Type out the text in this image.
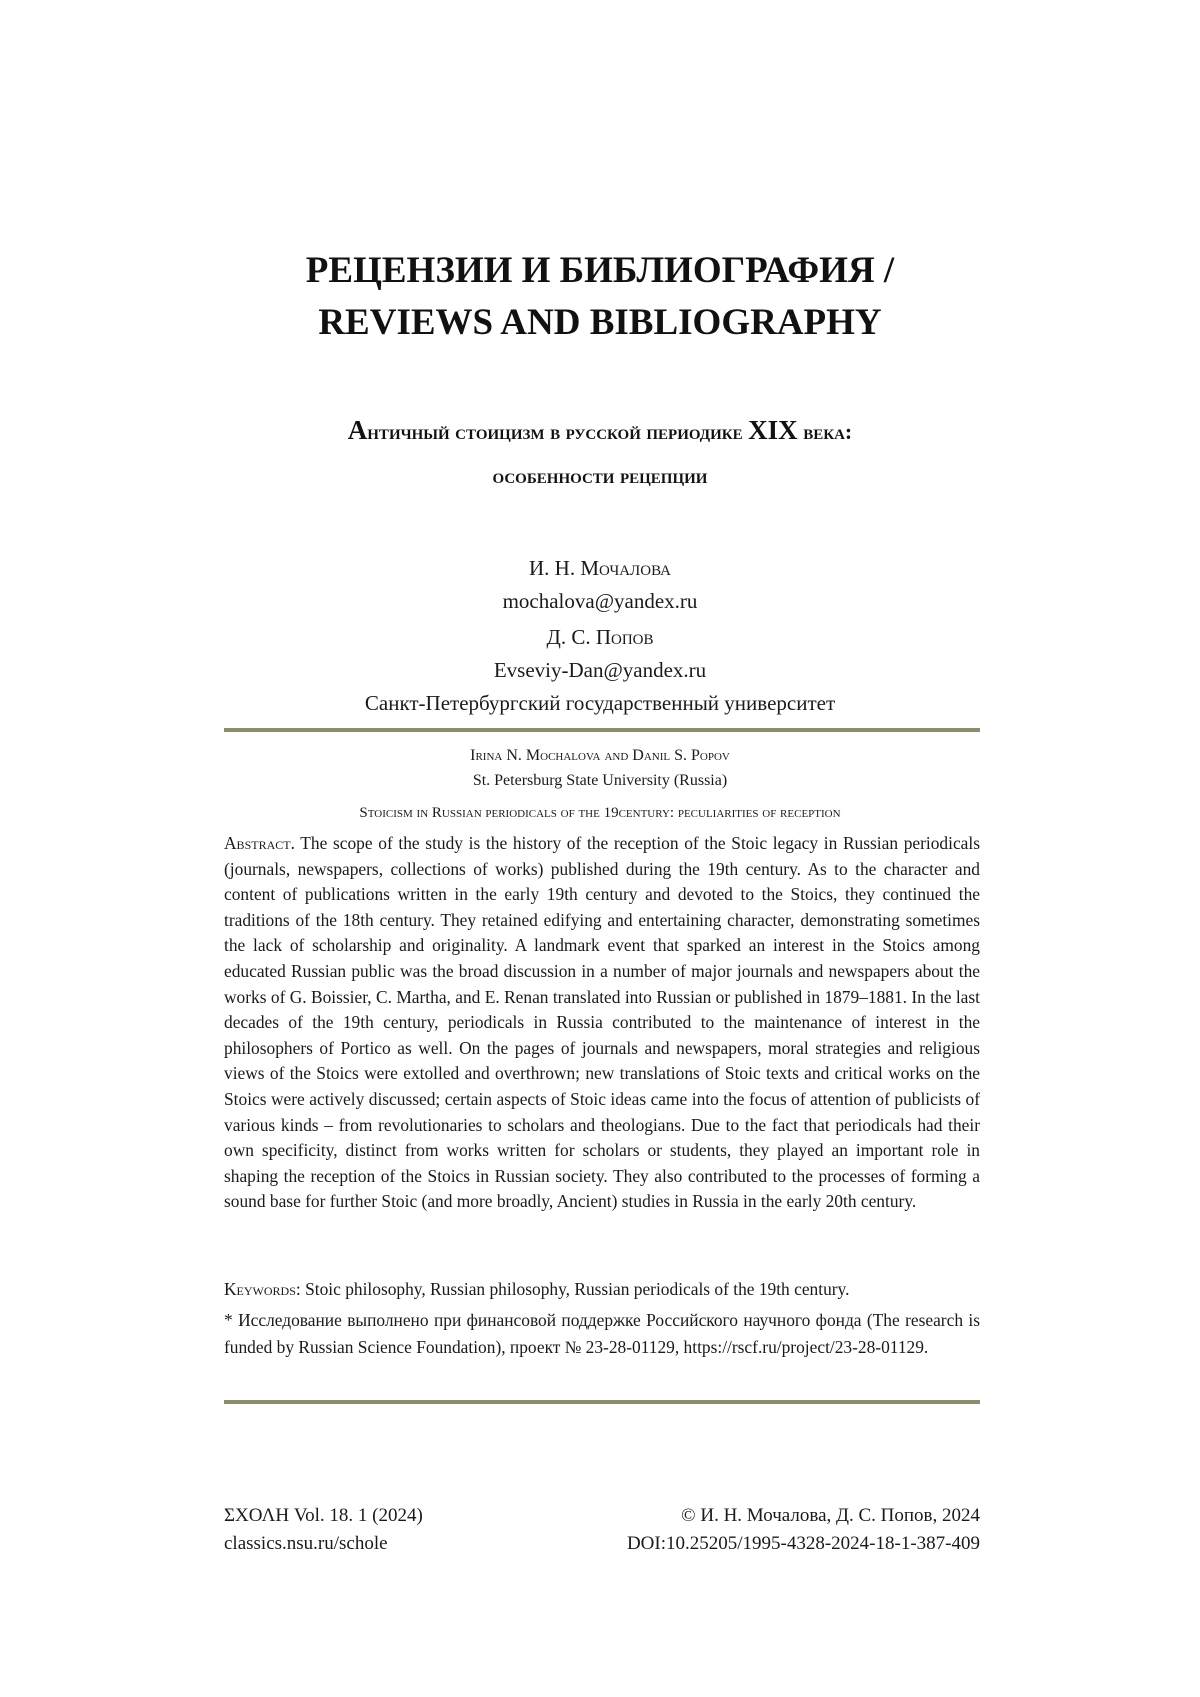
РЕЦЕНЗИИ И БИБЛИОГРАФИЯ /
REVIEWS AND BIBLIOGRAPHY
Античный стоицизм в русской периодике XIX века:
особенности рецепции
И. Н. Мочалова
mochalova@yandex.ru
Д. С. Попов
Evseviy-Dan@yandex.ru
Санкт-Петербургский государственный университет
Irina N. Mochalova and Danil S. Popov
St. Petersburg State University (Russia)
Stoicism in Russian periodicals of the 19century: peculiarities of reception

Abstract. The scope of the study is the history of the reception of the Stoic legacy in Russian periodicals (journals, newspapers, collections of works) published during the 19th century. As to the character and content of publications written in the early 19th century and devoted to the Stoics, they continued the traditions of the 18th century. They retained edifying and entertaining character, demonstrating sometimes the lack of scholarship and originality. A landmark event that sparked an interest in the Stoics among educated Russian public was the broad discussion in a number of major journals and newspapers about the works of G. Boissier, C. Martha, and E. Renan translated into Russian or published in 1879–1881. In the last decades of the 19th century, periodicals in Russia contributed to the maintenance of interest in the philosophers of Portico as well. On the pages of journals and newspapers, moral strategies and religious views of the Stoics were extolled and overthrown; new translations of Stoic texts and critical works on the Stoics were actively discussed; certain aspects of Stoic ideas came into the focus of attention of publicists of various kinds – from revolutionaries to scholars and theologians. Due to the fact that periodicals had their own specificity, distinct from works written for scholars or students, they played an important role in shaping the reception of the Stoics in Russian society. They also contributed to the processes of forming a sound base for further Stoic (and more broadly, Ancient) studies in Russia in the early 20th century.

Keywords: Stoic philosophy, Russian philosophy, Russian periodicals of the 19th century.

* Исследование выполнено при финансовой поддержке Российского научного фонда (The research is funded by Russian Science Foundation), проект № 23-28-01129, https://rscf.ru/project/23-28-01129.

ΣΧΟΛΗ Vol. 18. 1 (2024)
classics.nsu.ru/schole
© И. Н. Мочалова, Д. С. Попов, 2024
DOI:10.25205/1995-4328-2024-18-1-387-409
